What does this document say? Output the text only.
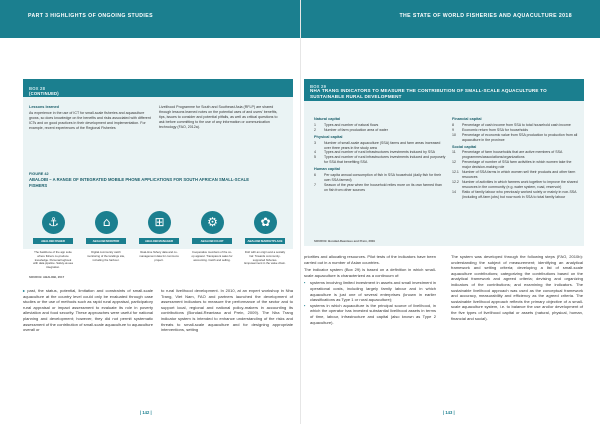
PART 3 HIGHLIGHTS OF ONGOING STUDIES
BOX 28
(CONTINUED)
Lessons learned

As experience in the use of ICT for small-scale fisheries and aquaculture grows, so does knowledge on the benefits and risks associated with different ICTs and on good practices in their development and implementation. For example, recent experiences of the Regional Fisheries

Livelihood Programme for South and Southeast Asia (RFLP) are shared through lessons learned notes on the potential uses of and users' benefits, tips, issues to consider and potential pitfalls, as well as critical questions to ask before committing to the use of any information or communication technology (FAO, 2012a).

FIGURE 42
ABALOBI – A RANGE OF INTEGRATED MOBILE PHONE APPLICATIONS FOR SOUTH AFRICAN SMALL-SCALE FISHERS
⚓
ABALOBI FISHER
⌂
ABALOBI MONITOR
⊞
ABALOBI MANAGER
⚙
ABALOBI CO-OP
✿
ABALOBI MARKETPLACE
The backbone of the app suite where fishers co-produce knowledge. Personal logbook with data pipeline. Safety-at-sea integration.
Digital community catch monitoring of the landings site, including the harbour.
Real-time fishery data and co-management data for commons project.
Cooperative members of the co-op apparel. Transparent sales for accounting. Catch and selling.
Fish with an origin and a socially fair. Towards community-supported fisheries. Empowerment in the value chain.
SOURCE: ABALOBI, 2017
▸ past, the status, potential, limitation and constraints of small-scale aquaculture at the country level could only be evaluated through case studies or the use of methods such as rapid rural appraisal, participatory rural appraisal or impact assessment to evaluate its role in poverty alleviation and food security. These approaches were useful for national planning and development; however, they did not permit systematic assessment of the contribution of small-scale aquaculture to aquaculture overall or
to rural livelihood development. In 2010, at an expert workshop in Nha Trang, Viet Nam, FAO and partners launched the development of assessment indicators to measure the performance of the sector and to support local, regional and national policy-makers in accounting its contributions (Bondad-Reantaso and Prein, 2009). The Nha Trang indicator system is intended to enhance understanding of the risks and threats to small-scale aquaculture and for designing appropriate interventions, setting
| 142 |
THE STATE OF WORLD FISHERIES AND AQUACULTURE 2018
BOX 29
NHA TRANG INDICATORS TO MEASURE THE CONTRIBUTION OF SMALL-SCALE AQUACULTURE TO SUSTAINABLE RURAL DEVELOPMENT
Natural capital
1	Types and number of natural flows
2	Number of farm production area of water
Physical capital
3	Number of small-scale aquaculture (SSA) farms and farm areas increased over three years in the study area
4	Types and number of rural infrastructures investments induced by SSA
5	Types and number of rural infrastructures investments induced and purposely for SSA that benefiting SSA
Human capital
6	Per capita annual consumption of fish in SSA household (daily fish for their own SSA farmed)
7	Season of the year when the household relies more on its own farmed than on fish from other sources
Financial capital
8	Percentage of cash income from SSA to total household cash income
9	Economic return from SSA for households
10	Percentage of economic value from SSA production to production from all aquaculture in the province
Social capital
11	Percentage of farm households that are active members of SSA programmes/associations/organizations
12	Percentage of number of SSA farm activities in which women take the major decision-making role
12.1 Number of SSA farms in which women sell their products and other farm resources
12.2 Number of activities in which farmers work together to improve the shared resources in the community (e.g. water system, road, reservoir)
14	Ratio of family labour who previously worked solely or mainly in non-SSA (including off-farm jobs) but now work in SSA to total family labour
SOURCE: Bondad-Reantaso and Prein, 2009

priorities and allocating resources. Pilot tests of the indicators have been carried out in a number of Asian countries.

The indicator system (Box 29) is based on a definition in which small-scale aquaculture is characterized as a continuum of:

▪	systems involving limited investment in assets and small investment in operational costs, including largely family labour and in which aquaculture is just one of several enterprises (known in earlier classifications as Type 1 or rural aquaculture);
▪	systems in which aquaculture is the principal source of livelihood, in which the operator has invested substantial livelihood assets in terms of time, labour, infrastructure and capital (also known as Type 2 aquaculture).
The system was developed through the following steps (FAO, 2010b): understanding the subject of measurement; identifying an analytical framework and setting criteria; developing a list of small-scale aquaculture contributions; categorizing the contributions based on the analytical framework and agreed criteria; devising and organizing indicators of the contributions; and examining the indicators. The sustainable livelihood approach was used as the conceptual framework and accuracy, measurability and efficiency as the agreed criteria. The sustainable livelihood approach reflects the primary objective of a small-scale aquaculture system, i.e. to balance the use and/or development of the five types of livelihood capital or assets (natural, physical, human, financial and social).
| 143 |
